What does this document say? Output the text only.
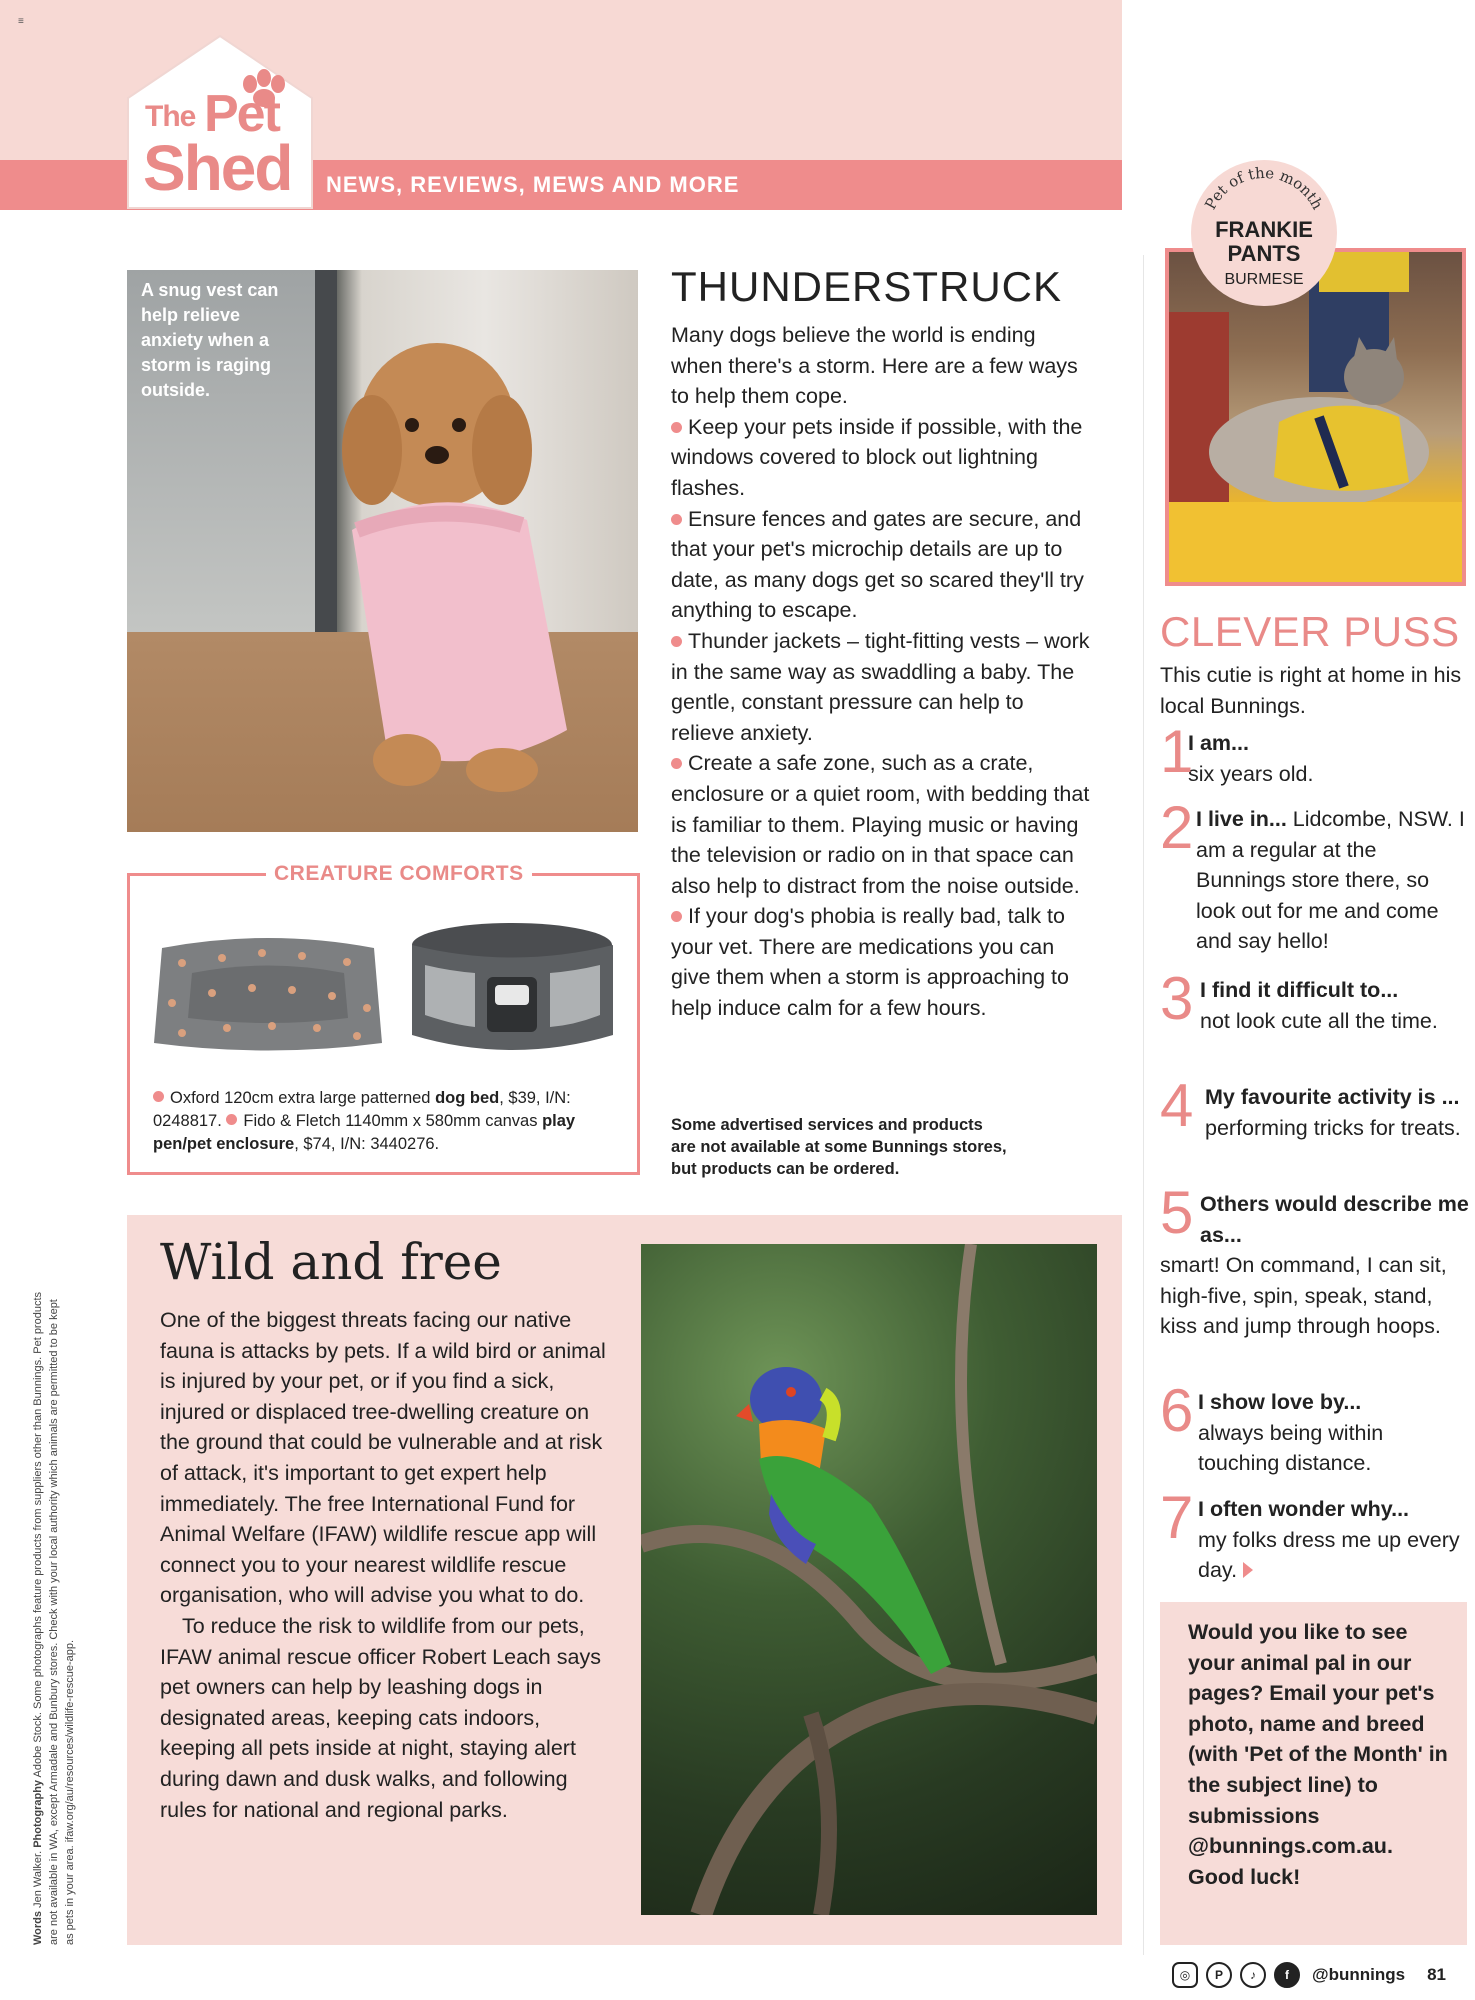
≡
The Pet
Shed NEWS, REVIEWS, MEWS AND MORE
A snug vest can help relieve anxiety when a storm is raging outside.
CREATURE COMFORTS
Oxford 120cm extra large patterned dog bed, $39, I/N: 0248817. Fido & Fletch 1140mm x 580mm canvas play pen/pet enclosure, $74, I/N: 3440276.
THUNDERSTRUCK

Many dogs believe the world is ending when there's a storm. Here are a few ways to help them cope.

Keep your pets inside if possible, with the windows covered to block out lightning flashes.

Ensure fences and gates are secure, and that your pet's microchip details are up to date, as many dogs get so scared they'll try anything to escape.

Thunder jackets – tight-fitting vests – work in the same way as swaddling a baby. The gentle, constant pressure can help to relieve anxiety.

Create a safe zone, such as a crate, enclosure or a quiet room, with bedding that is familiar to them. Playing music or having the television or radio on in that space can also help to distract from the noise outside.

If your dog's phobia is really bad, talk to your vet. There are medications you can give them when a storm is approaching to help induce calm for a few hours.

Some advertised services and products are not available at some Bunnings stores, but products can be ordered.
Wild and free

One of the biggest threats facing our native fauna is attacks by pets. If a wild bird or animal is injured by your pet, or if you find a sick, injured or displaced tree-dwelling creature on the ground that could be vulnerable and at risk of attack, it's important to get expert help immediately. The free International Fund for Animal Welfare (IFAW) wildlife rescue app will connect you to your nearest wildlife rescue organisation, who will advise you what to do.

To reduce the risk to wildlife from our pets, IFAW animal rescue officer Robert Leach says pet owners can help by leashing dogs in designated areas, keeping cats indoors, keeping all pets inside at night, staying alert during dawn and dusk walks, and following rules for national and regional parks.

Words Jen Walker. Photography Adobe Stock. Some photographs feature products from suppliers other than Bunnings. Pet products are not available in WA, except Armadale and Bunbury stores. Check with your local authority which animals are permitted to be kept as pets in your area. ifaw.org/au/resources/wildlife-rescue-app.
Pet of the month
FRANKIE
PANTS
BURMESE
CLEVER PUSS
This cutie is right at home in his local Bunnings.
1
I am...
six years old.
2 I live in... Lidcombe, NSW. I am a regular at the Bunnings store there, so look out for me and come and say hello!
3 I find it difficult to...
not look cute all the time.
4 My favourite activity is ... performing tricks for treats.
5 Others would describe me as...
smart! On command, I can sit, high-five, spin, speak, stand, kiss and jump through hoops.
6 I show love by...
always being within touching distance.
7 I often wonder why...
my folks dress me up every day.
Would you like to see your animal pal in our pages? Email your pet's photo, name and breed (with 'Pet of the Month' in the subject line) to submissions @bunnings.com.au. Good luck!
◎	P	♪	f	@bunnings 81
